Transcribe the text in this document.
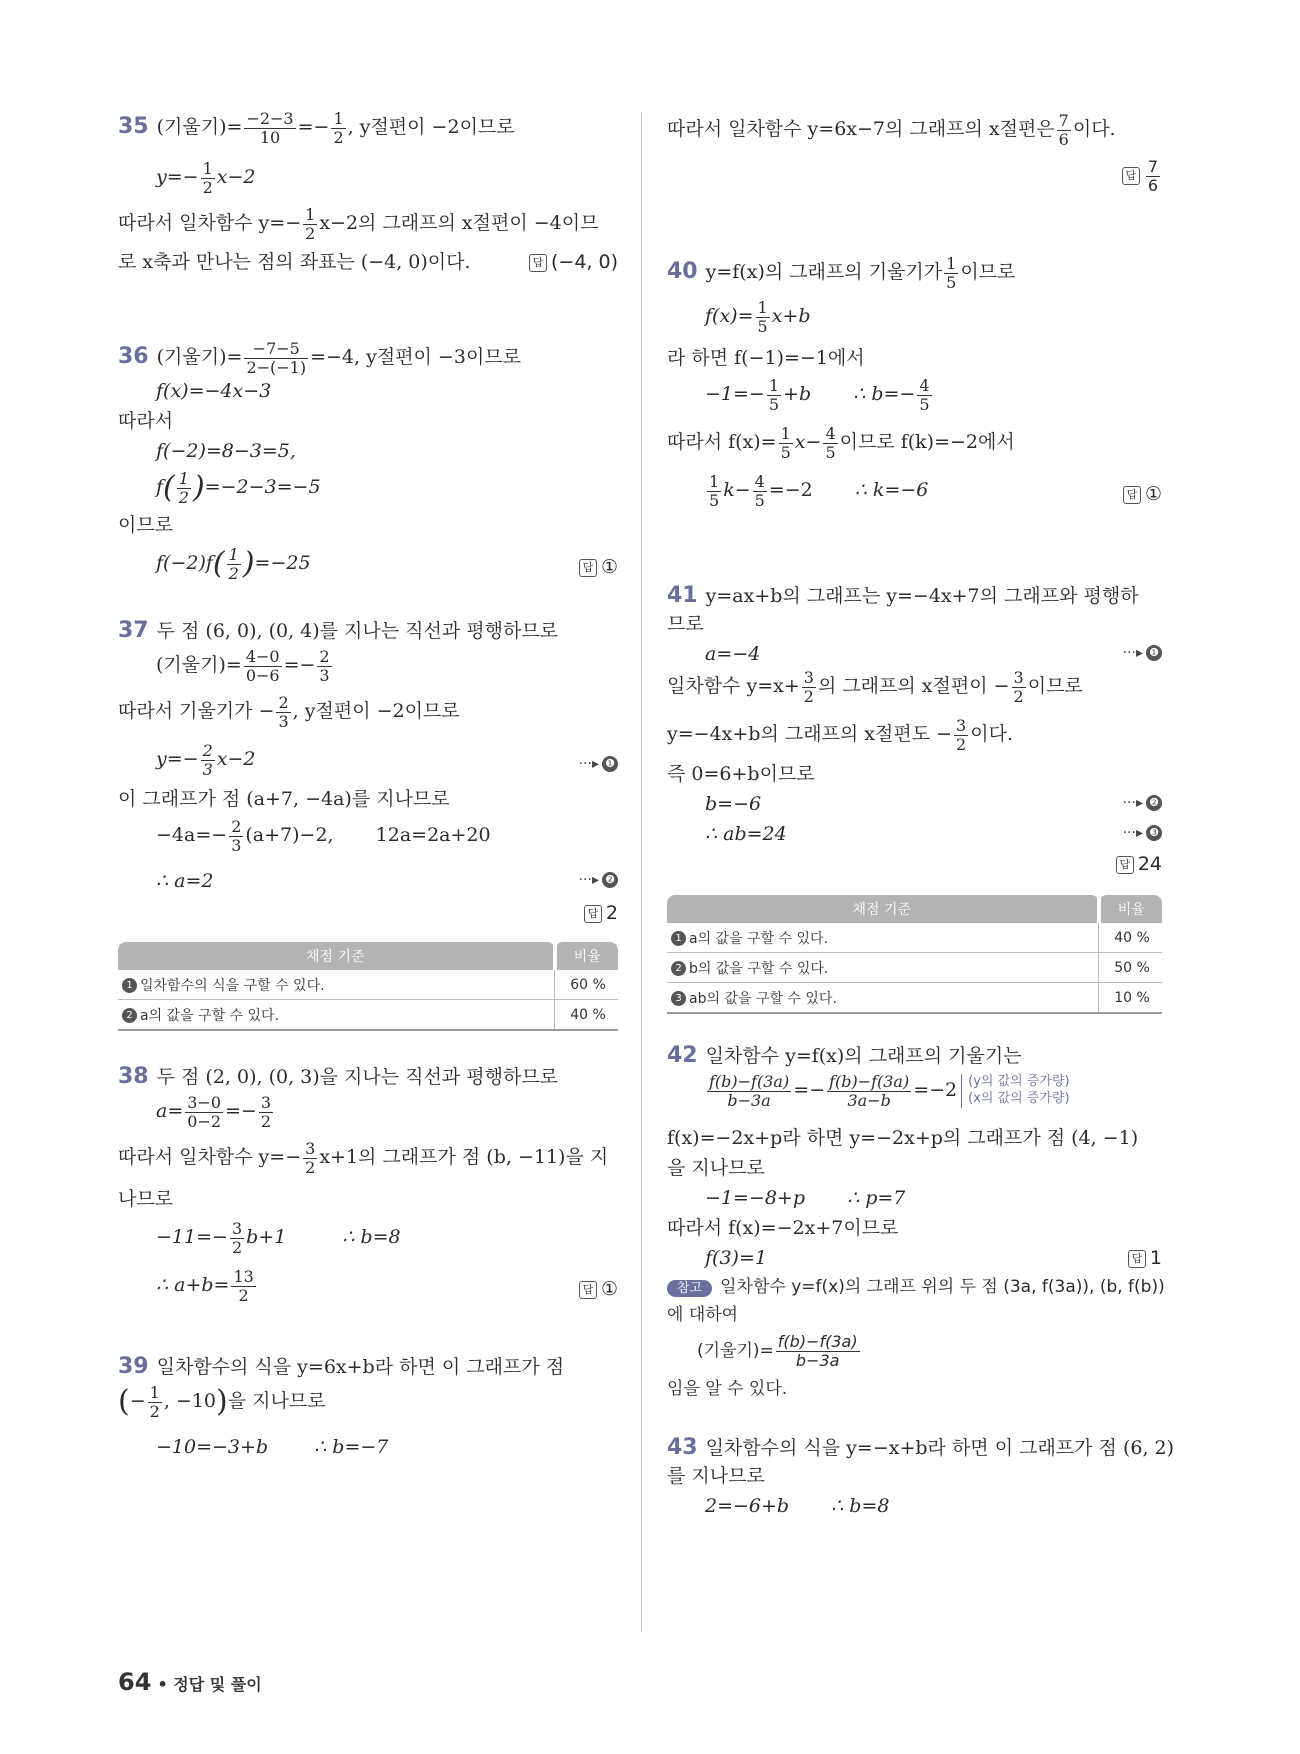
35 (기울기)= $\frac{-2-3}{10} =- \frac{1}{2}$ , y절편이 −2이므로
$y=- \frac{1}{2} x-2$
따라서 일차함수 $y=- \frac{1}{2} x-2$의 그래프의 x절편이 −4이므
로 x축과 만나는 점의 좌표는 (−4, 0)이다.	답 (−4, 0)
36 (기울기)= $\frac{-7-5}{2-(-1)} =-4$, y절편이 −3이므로
f(x)=−4x−3
따라서
f(−2)=8−3=5,
$f( \frac{1}{2} )=-2-3=-5$
이므로
$f(-2)f( \frac{1}{2} )=-25$	답 ①
37 두 점 (6, 0), (0, 4)를 지나는 직선과 평행하므로
(기울기)= $\frac{4-0}{0-6} =- \frac{2}{3}$
따라서 기울기가 − $\frac{2}{3}$ , y절편이 −2이므로
$y=- \frac{2}{3} x-2$	···▸ ❶
이 그래프가 점 (a+7, −4a)를 지나므로
$-4a=- \frac{2}{3} (a+7)-2$, 12a=2a+20
∴ a=2	···▸ ❷
답 2
채점 기준	비율
1 일차함수의 식을 구할 수 있다.	60 %
2 a의 값을 구할 수 있다.	40 %
38 두 점 (2, 0), (0, 3)을 지나는 직선과 평행하므로
$a= \frac{3-0}{0-2} =- \frac{3}{2}$
따라서 일차함수 $y=- \frac{3}{2} x+1$의 그래프가 점 (b, −11)을 지
나므로
$-11=- \frac{3}{2} b+1$	∴ b=8
∴ $a+b= \frac{13}{2}$	답 ①
39 일차함수의 식을 y=6x+b라 하면 이 그래프가 점
(− $\frac{1}{2}$ , −10)을 지나므로
−10=−3+b ∴ b=−7
따라서 일차함수 y=6x−7의 그래프의 x절편은 $\frac{7}{6}$ 이다.
답 $\frac{7}{6}$
40 y=f(x)의 그래프의 기울기가 $\frac{1}{5}$ 이므로
$f(x)= \frac{1}{5} x+b$
라 하면 f(−1)=−1에서
$-1=- \frac{1}{5} +b$ ∴ $b=- \frac{4}{5}$
따라서 $f(x)= \frac{1}{5} x- \frac{4}{5}$ 이므로 f(k)=−2에서
$\frac{1}{5} k- \frac{4}{5} =-2$ ∴ k=−6	답 ①
41 y=ax+b의 그래프는 y=−4x+7의 그래프와 평행하
므로
a=−4	···▸ ❶
일차함수 $y=x+ \frac{3}{2}$ 의 그래프의 x절편이 − $\frac{3}{2}$ 이므로
y=−4x+b의 그래프의 x절편도 − $\frac{3}{2}$ 이다.
즉 0=6+b이므로
b=−6	···▸ ❷
∴ ab=24	···▸ ❸
답 24
채점 기준	비율
1 a의 값을 구할 수 있다.	40 %
2 b의 값을 구할 수 있다.	50 %
3 ab의 값을 구할 수 있다.	10 %
42 일차함수 y=f(x)의 그래프의 기울기는
$\frac{f(b)-f(3a)}{b-3a} =- \frac{f(b)-f(3a)}{3a-b} =-2$ (y의 값의 증가량)
(x의 값의 증가량)
f(x)=−2x+p라 하면 y=−2x+p의 그래프가 점 (4, −1)
을 지나므로
−1=−8+p ∴ p=7
따라서 f(x)=−2x+7이므로
f(3)=1	답 1
참고 일차함수 y=f(x)의 그래프 위의 두 점 (3a, f(3a)), (b, f(b))
에 대하여
(기울기)= $\frac{f(b)-f(3a)}{b-3a}$
임을 알 수 있다.
43 일차함수의 식을 y=−x+b라 하면 이 그래프가 점 (6, 2)
를 지나므로
2=−6+b ∴ b=8
64 • 정답 및 풀이
